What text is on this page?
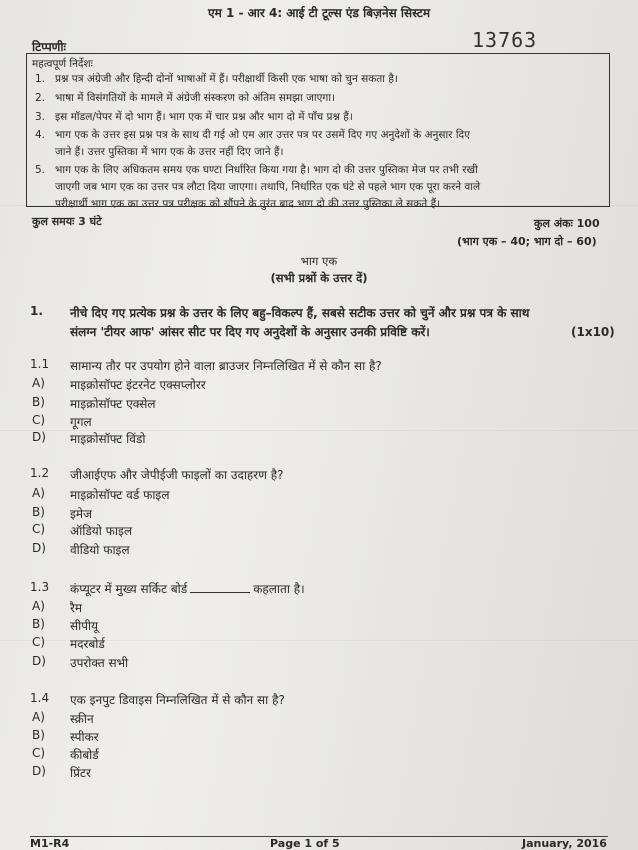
एम 1 - आर 4: आई टी टूल्स एंड बिज़नेस सिस्टम
13763
टिप्पणीः
महत्वपूर्ण निर्देशः
1. प्रश्न पत्र अंग्रेजी और हिन्दी दोनों भाषाओं में हैं। परीक्षार्थी किसी एक भाषा को चुन सकता है।
2. भाषा में विसंगतियों के मामले में अंग्रेजी संस्करण को अंतिम समझा जाएगा।
3. इस मॉडल/पेपर में दो भाग हैं। भाग एक में चार प्रश्न और भाग दो में पाँच प्रश्न हैं।
4. भाग एक के उत्तर इस प्रश्न पत्र के साथ दी गई ओ एम आर उत्तर पत्र पर उसमें दिए गए अनुदेशों के अनुसार दिए
जाने हैं। उत्तर पुस्तिका में भाग एक के उत्तर नहीं दिए जाने हैं।
5. भाग एक के लिए अधिकतम समय एक घण्टा निर्धारित किया गया है। भाग दो की उत्तर पुस्तिका मेज पर तभी रखी
जाएगी जब भाग एक का उत्तर पत्र लौटा दिया जाएगा। तथापि, निर्धारित एक घंटे से पहले भाग एक पूरा करने वाले
परीक्षार्थी भाग एक का उत्तर पत्र परीक्षक को सौंपने के तुरंत बाद भाग दो की उत्तर पुस्तिका ले सकते हैं।
कुल समयः 3 घंटे	कुल अंकः 100
(भाग एक – 40; भाग दो – 60)
भाग एक
(सभी प्रश्नों के उत्तर दें)
1. नीचे दिए गए प्रत्येक प्रश्न के उत्तर के लिए बहु–विकल्प हैं, सबसे सटीक उत्तर को चुनें और प्रश्न पत्र के साथ
संलग्न 'टीयर आफ' आंसर सीट पर दिए गए अनुदेशों के अनुसार उनकी प्रविष्टि करें।	(1x10)
1.1 सामान्य तौर पर उपयोग होने वाला ब्राउजर निम्नलिखित में से कौन सा है?
A) माइक्रोसॉफ्ट इंटरनेट एक्सप्लोरर
B) माइक्रोसॉफ्ट एक्सेल
C) गूगल
D) माइक्रोसॉफ्ट विंडो
1.2 जीआईएफ और जेपीईजी फाइलों का उदाहरण है?
A) माइक्रोसॉफ्ट वर्ड फाइल
B) इमेज
C) ऑडियो फाइल
D) वीडियो फाइल
1.3 कंप्यूटर में मुख्य सर्किट बोर्ड	कहलाता है।
A) रैम
B) सीपीयू
C) मदरबोर्ड
D) उपरोक्त सभी
1.4 एक इनपुट डिवाइस निम्नलिखित में से कौन सा है?
A) स्क्रीन
B) स्पीकर
C) कीबोर्ड
D) प्रिंटर
M1-R4	Page 1 of 5	January, 2016
